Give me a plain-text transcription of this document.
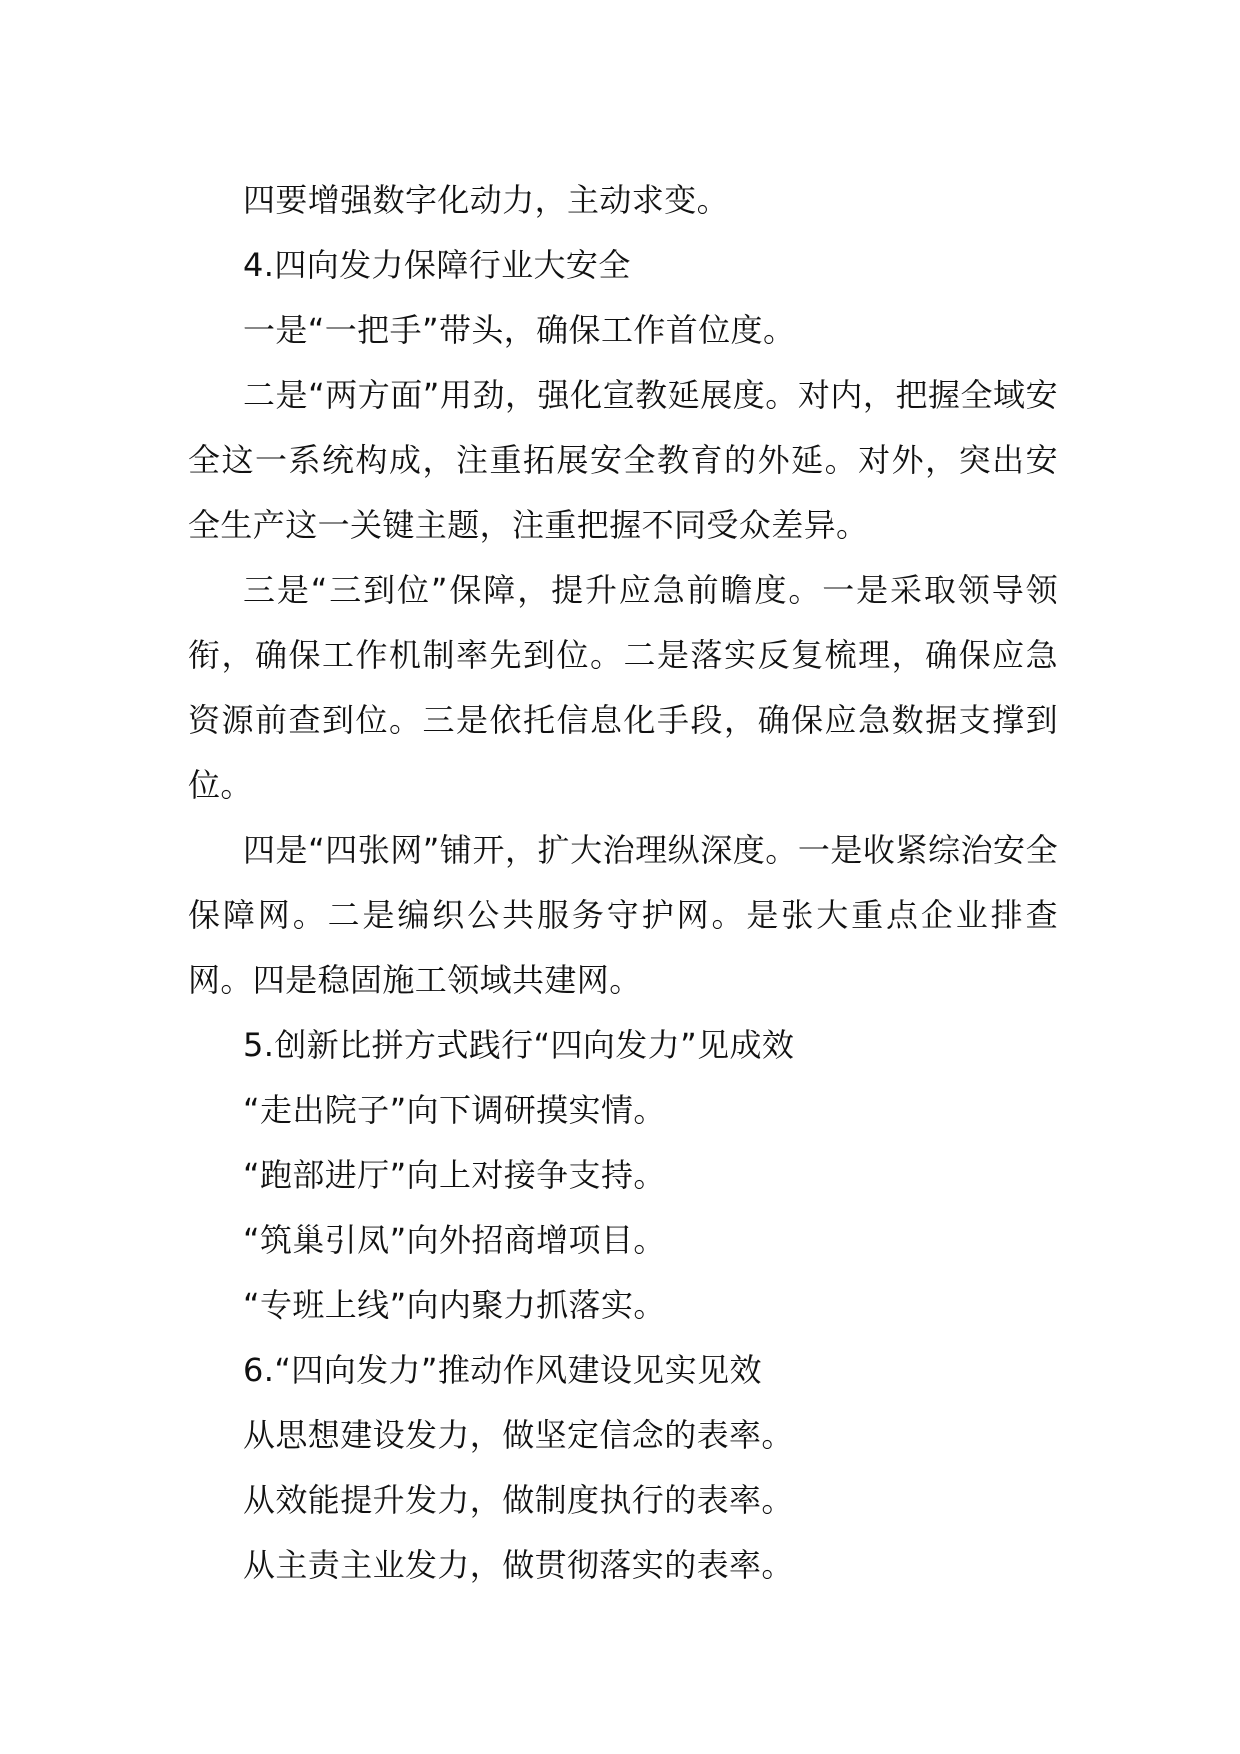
四要增强数字化动力，主动求变。

4.四向发力保障行业大安全

一是“一把手”带头，确保工作首位度。

二是“两方面”用劲，强化宣教延展度。对内，把握全域安全这一系统构成，注重拓展安全教育的外延。对外，突出安全生产这一关键主题，注重把握不同受众差异。

三是“三到位”保障，提升应急前瞻度。一是采取领导领衔，确保工作机制率先到位。二是落实反复梳理，确保应急资源前查到位。三是依托信息化手段，确保应急数据支撑到位。

四是“四张网”铺开，扩大治理纵深度。一是收紧综治安全保障网。二是编织公共服务守护网。是张大重点企业排查网。四是稳固施工领域共建网。

5.创新比拼方式践行“四向发力”见成效

“走出院子”向下调研摸实情。

“跑部进厅”向上对接争支持。

“筑巢引凤”向外招商增项目。

“专班上线”向内聚力抓落实。

6.“四向发力”推动作风建设见实见效

从思想建设发力，做坚定信念的表率。

从效能提升发力，做制度执行的表率。

从主责主业发力，做贯彻落实的表率。
